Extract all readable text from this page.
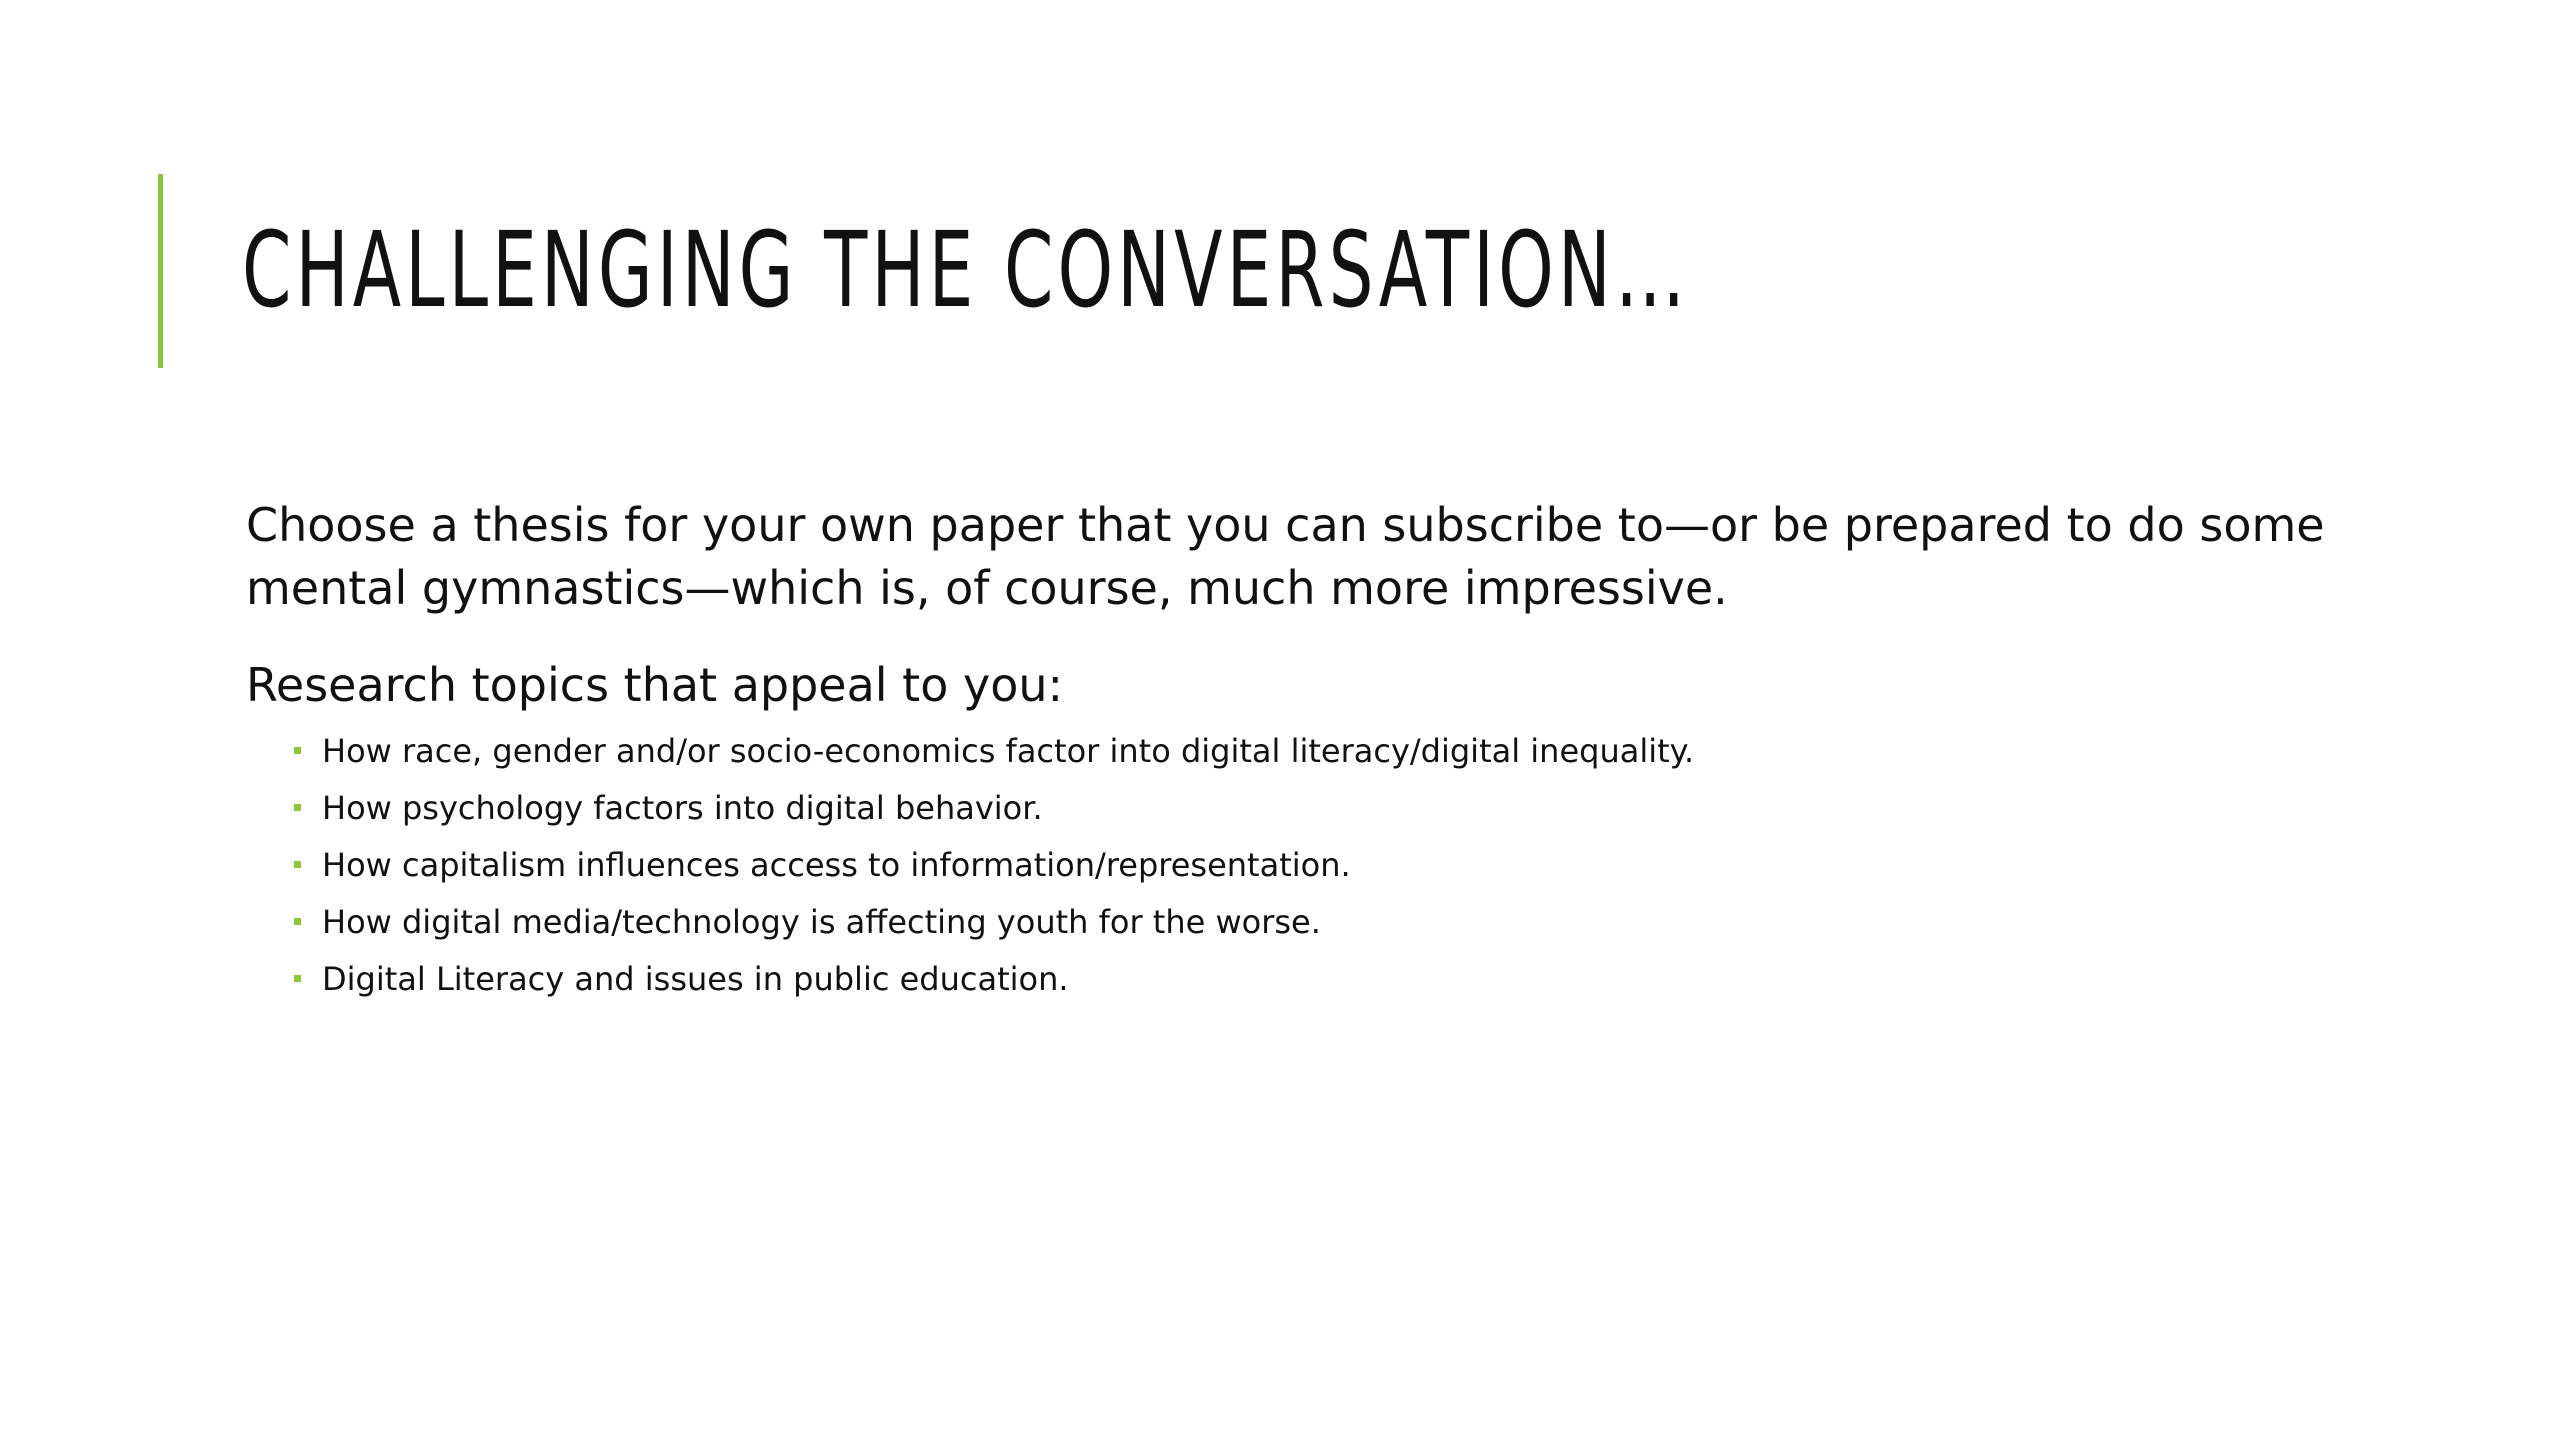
CHALLENGING THE CONVERSATION…

Choose a thesis for your own paper that you can subscribe to—or be prepared to do some mental gymnastics—which is, of course, much more impressive.

Research topics that appeal to you:

How race, gender and/or socio-economics factor into digital literacy/digital inequality.
How psychology factors into digital behavior.
How capitalism influences access to information/representation.
How digital media/technology is affecting youth for the worse.
Digital Literacy and issues in public education.
